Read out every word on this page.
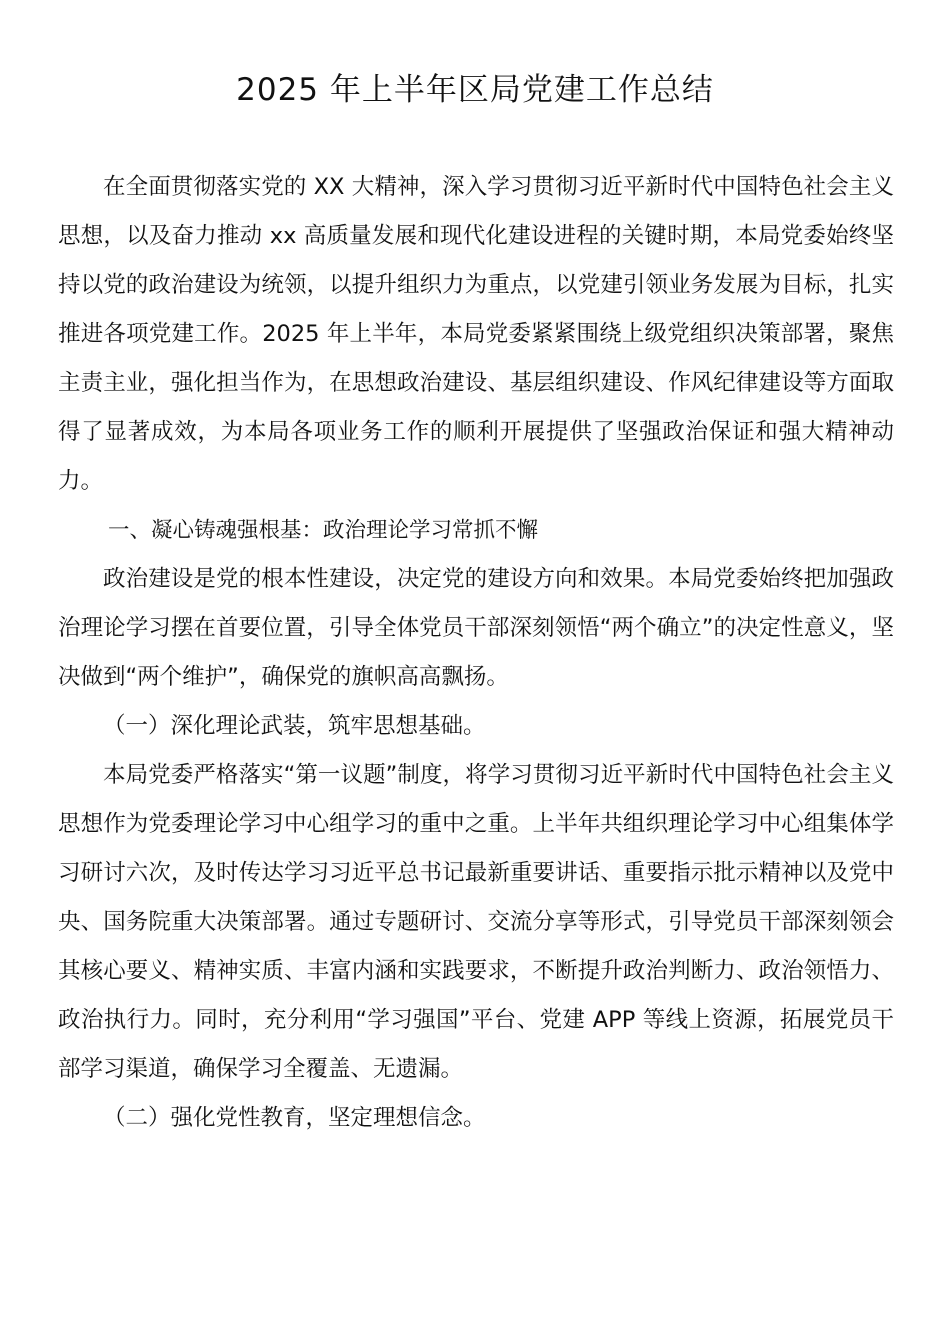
2025 年上半年区局党建工作总结

在全面贯彻落实党的 XX 大精神，深入学习贯彻习近平新时代中国特色社会主义思想，以及奋力推动 xx 高质量发展和现代化建设进程的关键时期，本局党委始终坚持以党的政治建设为统领，以提升组织力为重点，以党建引领业务发展为目标，扎实推进各项党建工作。2025 年上半年，本局党委紧紧围绕上级党组织决策部署，聚焦主责主业，强化担当作为，在思想政治建设、基层组织建设、作风纪律建设等方面取得了显著成效，为本局各项业务工作的顺利开展提供了坚强政治保证和强大精神动力。

一、凝心铸魂强根基：政治理论学习常抓不懈

政治建设是党的根本性建设，决定党的建设方向和效果。本局党委始终把加强政治理论学习摆在首要位置，引导全体党员干部深刻领悟“两个确立”的决定性意义，坚决做到“两个维护”，确保党的旗帜高高飘扬。

（一）深化理论武装，筑牢思想基础。

本局党委严格落实“第一议题”制度，将学习贯彻习近平新时代中国特色社会主义思想作为党委理论学习中心组学习的重中之重。上半年共组织理论学习中心组集体学习研讨六次，及时传达学习习近平总书记最新重要讲话、重要指示批示精神以及党中央、国务院重大决策部署。通过专题研讨、交流分享等形式，引导党员干部深刻领会其核心要义、精神实质、丰富内涵和实践要求，不断提升政治判断力、政治领悟力、政治执行力。同时，充分利用“学习强国”平台、党建 APP 等线上资源，拓展党员干部学习渠道，确保学习全覆盖、无遗漏。

（二）强化党性教育，坚定理想信念。
